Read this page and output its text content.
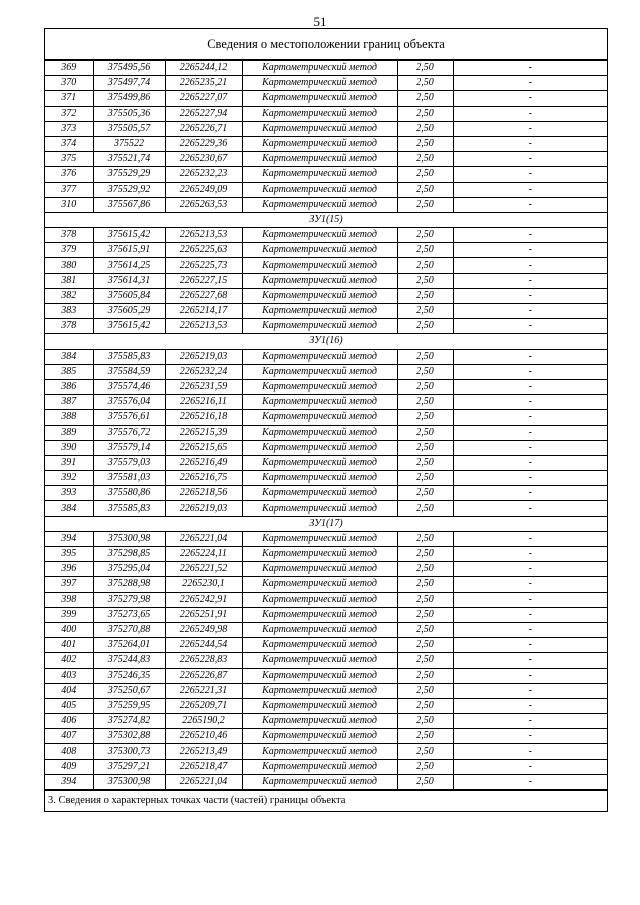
51
Сведения о местоположении границ объекта
369	375495,56	2265244,12	Картометрический метод	2,50	-
370	375497,74	2265235,21	Картометрический метод	2,50	-
371	375499,86	2265227,07	Картометрический метод	2,50	-
372	375505,36	2265227,94	Картометрический метод	2,50	-
373	375505,57	2265226,71	Картометрический метод	2,50	-
374	375522	2265229,36	Картометрический метод	2,50	-
375	375521,74	2265230,67	Картометрический метод	2,50	-
376	375529,29	2265232,23	Картометрический метод	2,50	-
377	375529,92	2265249,09	Картометрический метод	2,50	-
310	375567,86	2265263,53	Картометрический метод	2,50	-
ЗУ1(15)					
378	375615,42	2265213,53	Картометрический метод	2,50	-
379	375615,91	2265225,63	Картометрический метод	2,50	-
380	375614,25	2265225,73	Картометрический метод	2,50	-
381	375614,31	2265227,15	Картометрический метод	2,50	-
382	375605,84	2265227,68	Картометрический метод	2,50	-
383	375605,29	2265214,17	Картометрический метод	2,50	-
378	375615,42	2265213,53	Картометрический метод	2,50	-
ЗУ1(16)					
384	375585,83	2265219,03	Картометрический метод	2,50	-
385	375584,59	2265232,24	Картометрический метод	2,50	-
386	375574,46	2265231,59	Картометрический метод	2,50	-
387	375576,04	2265216,11	Картометрический метод	2,50	-
388	375576,61	2265216,18	Картометрический метод	2,50	-
389	375576,72	2265215,39	Картометрический метод	2,50	-
390	375579,14	2265215,65	Картометрический метод	2,50	-
391	375579,03	2265216,49	Картометрический метод	2,50	-
392	375581,03	2265216,75	Картометрический метод	2,50	-
393	375580,86	2265218,56	Картометрический метод	2,50	-
384	375585,83	2265219,03	Картометрический метод	2,50	-
ЗУ1(17)					
394	375300,98	2265221,04	Картометрический метод	2,50	-
395	375298,85	2265224,11	Картометрический метод	2,50	-
396	375295,04	2265221,52	Картометрический метод	2,50	-
397	375288,98	2265230,1	Картометрический метод	2,50	-
398	375279,98	2265242,91	Картометрический метод	2,50	-
399	375273,65	2265251,91	Картометрический метод	2,50	-
400	375270,88	2265249,98	Картометрический метод	2,50	-
401	375264,01	2265244,54	Картометрический метод	2,50	-
402	375244,83	2265228,83	Картометрический метод	2,50	-
403	375246,35	2265226,87	Картометрический метод	2,50	-
404	375250,67	2265221,31	Картометрический метод	2,50	-
405	375259,95	2265209,71	Картометрический метод	2,50	-
406	375274,82	2265190,2	Картометрический метод	2,50	-
407	375302,88	2265210,46	Картометрический метод	2,50	-
408	375300,73	2265213,49	Картометрический метод	2,50	-
409	375297,21	2265218,47	Картометрический метод	2,50	-
394	375300,98	2265221,04	Картометрический метод	2,50	-
3. Сведения о характерных точках части (частей) границы объекта
